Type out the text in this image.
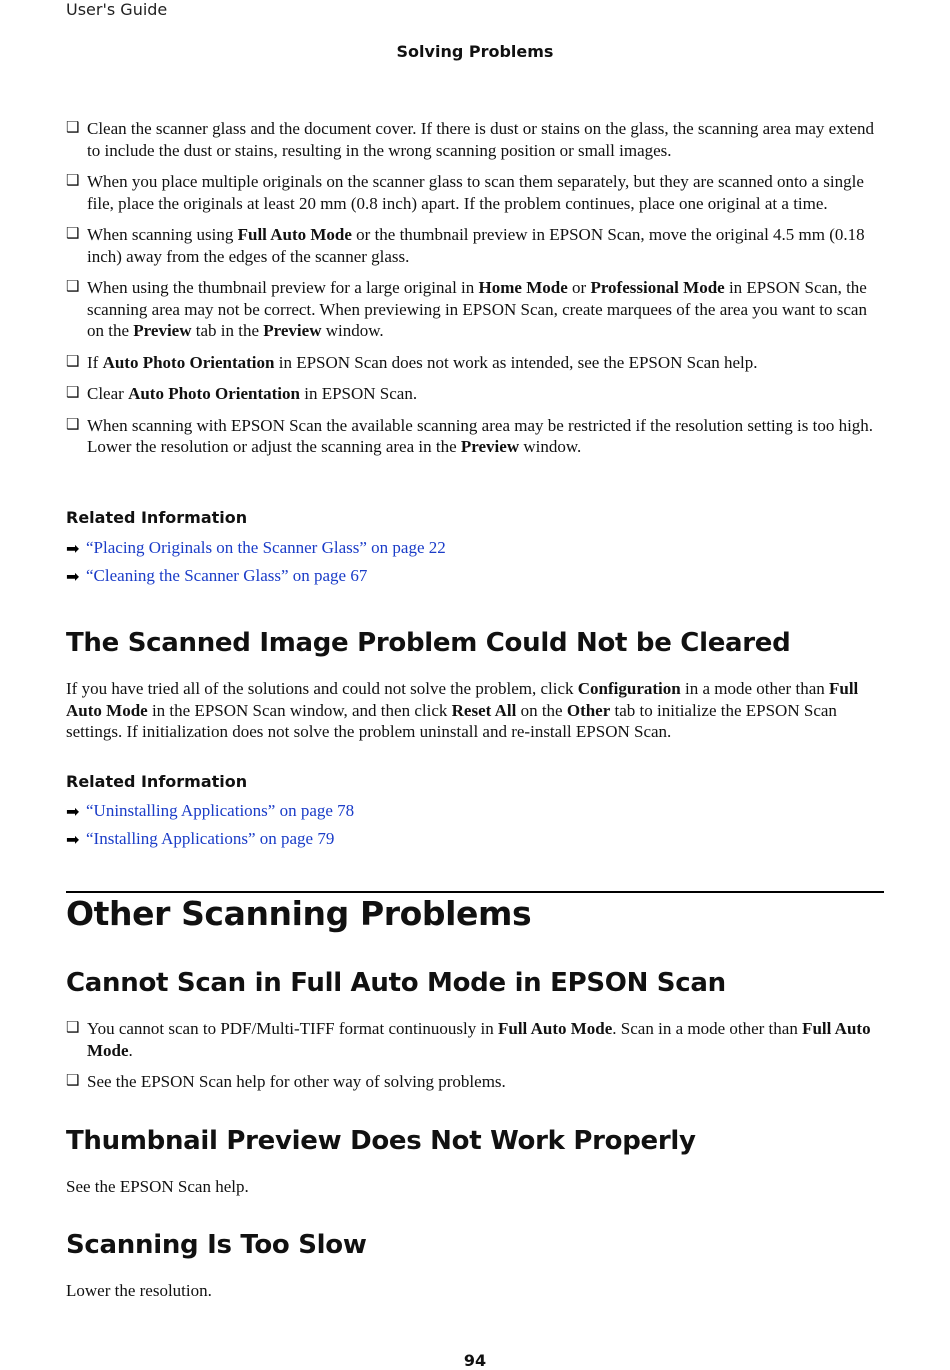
User's Guide
Solving Problems
❑ Clean the scanner glass and the document cover. If there is dust or stains on the glass, the scanning area may extend to include the dust or stains, resulting in the wrong scanning position or small images.
❑ When you place multiple originals on the scanner glass to scan them separately, but they are scanned onto a single file, place the originals at least 20 mm (0.8 inch) apart. If the problem continues, place one original at a time.
❑ When scanning using Full Auto Mode or the thumbnail preview in EPSON Scan, move the original 4.5 mm (0.18 inch) away from the edges of the scanner glass.
❑ When using the thumbnail preview for a large original in Home Mode or Professional Mode in EPSON Scan, the scanning area may not be correct. When previewing in EPSON Scan, create marquees of the area you want to scan on the Preview tab in the Preview window.
❑ If Auto Photo Orientation in EPSON Scan does not work as intended, see the EPSON Scan help.
❑ Clear Auto Photo Orientation in EPSON Scan.
❑ When scanning with EPSON Scan the available scanning area may be restricted if the resolution setting is too high. Lower the resolution or adjust the scanning area in the Preview window.
Related Information
➡ “Placing Originals on the Scanner Glass” on page 22
➡ “Cleaning the Scanner Glass” on page 67
The Scanned Image Problem Could Not be Cleared

If you have tried all of the solutions and could not solve the problem, click Configuration in a mode other than Full Auto Mode in the EPSON Scan window, and then click Reset All on the Other tab to initialize the EPSON Scan settings. If initialization does not solve the problem uninstall and re-install EPSON Scan.

Related Information
➡ “Uninstalling Applications” on page 78
➡ “Installing Applications” on page 79
Other Scanning Problems
Cannot Scan in Full Auto Mode in EPSON Scan
❑ You cannot scan to PDF/Multi-TIFF format continuously in Full Auto Mode. Scan in a mode other than Full Auto Mode.
❑ See the EPSON Scan help for other way of solving problems.
Thumbnail Preview Does Not Work Properly

See the EPSON Scan help.

Scanning Is Too Slow

Lower the resolution.

94
